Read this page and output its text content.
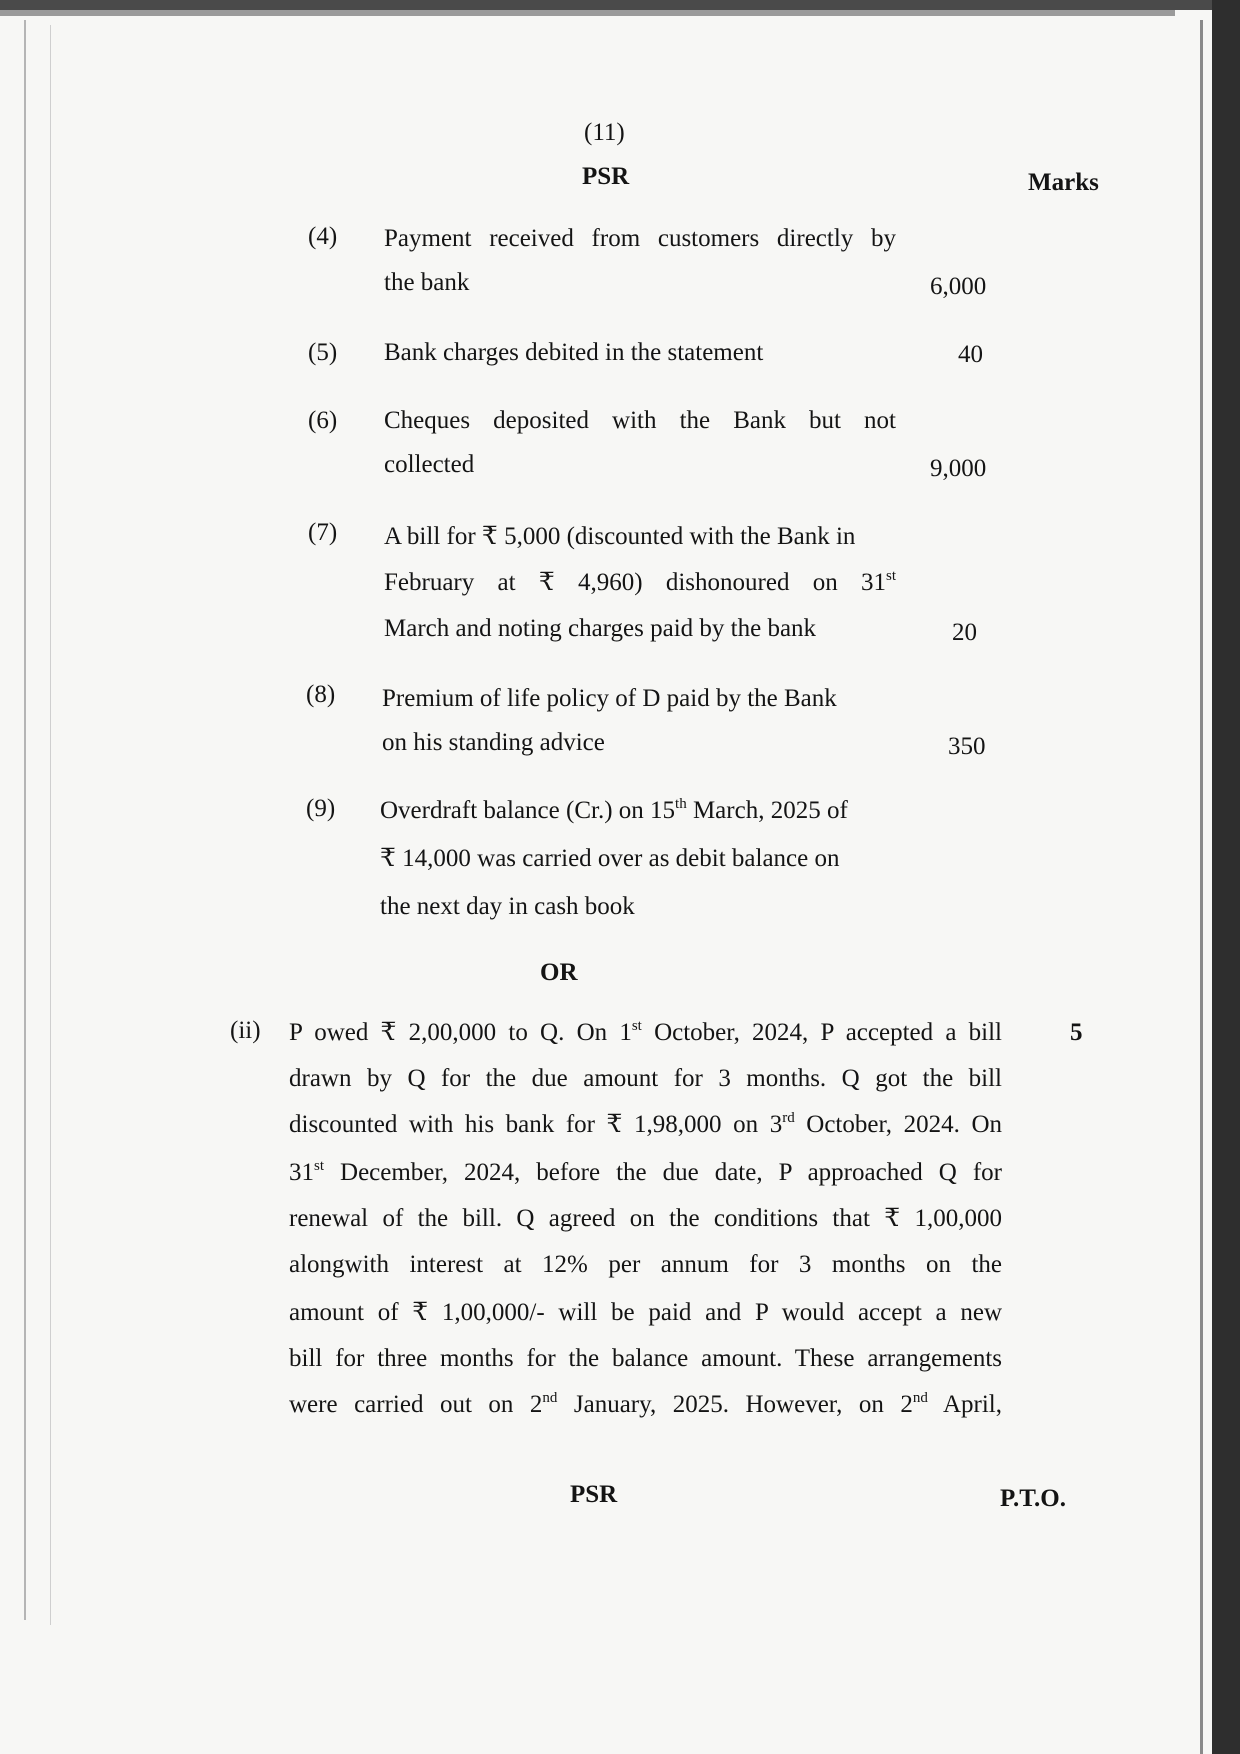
(11)
PSR	Marks
(4) Payment received from customers directly by
the bank	6,000
(5) Bank charges debited in the statement	40
(6) Cheques deposited with the Bank but not
collected	9,000
(7) A bill for ₹ 5,000 (discounted with the Bank in
February at ₹ 4,960) dishonoured on 31st
March and noting charges paid by the bank	20
(8) Premium of life policy of D paid by the Bank
on his standing advice	350
(9) Overdraft balance (Cr.) on 15th March, 2025 of
₹ 14,000 was carried over as debit balance on
the next day in cash book
OR
(ii)	5
P owed ₹ 2,00,000 to Q. On 1st October, 2024, P accepted a bill
drawn by Q for the due amount for 3 months. Q got the bill
discounted with his bank for ₹ 1,98,000 on 3rd October, 2024. On
31st December, 2024, before the due date, P approached Q for
renewal of the bill. Q agreed on the conditions that ₹ 1,00,000
alongwith interest at 12% per annum for 3 months on the
amount of ₹ 1,00,000/- will be paid and P would accept a new
bill for three months for the balance amount. These arrangements
were carried out on 2nd January, 2025. However, on 2nd April,
PSR	P.T.O.
